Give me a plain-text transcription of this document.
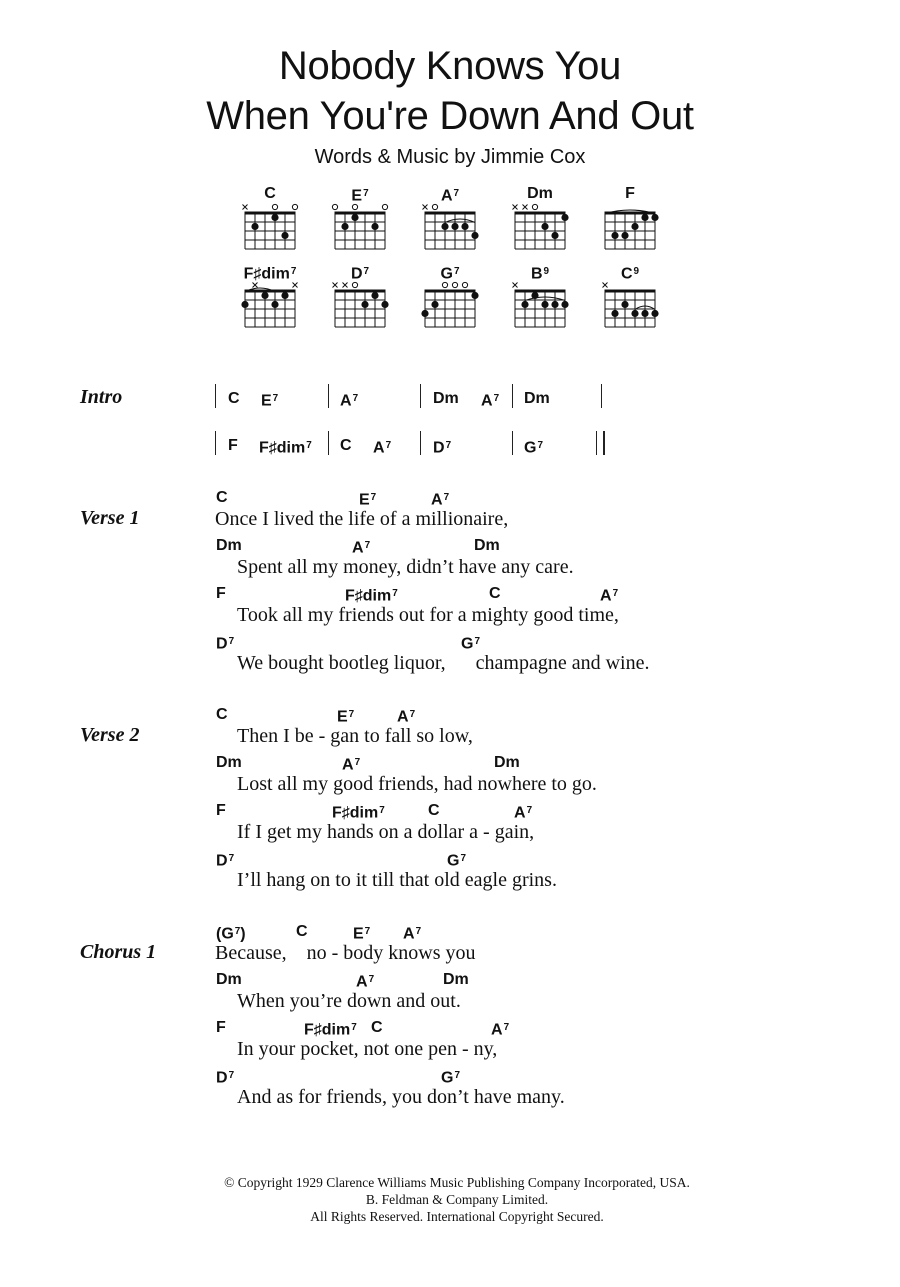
Nobody Knows You
When You're Down And Out
Words & Music by Jimmie Cox
C	$E^7$	$A^7$	Dm	F
F♯dim$^7$	$D^7$	$G^7$	$B^9$	$C^9$
Intro	C $E^7$	$A^7$	Dm $A^7$ Dm
F F♯dim$^7$ C $A^7$	$D^7$	$G^7$
Verse 1
Verse 2
Chorus 1
Once I lived the life of a millionaire,
C	$E^7$	$A^7$
Spent all my money, didn’t have any care.
Dm	$A^7$	Dm
Took all my friends out for a mighty good time,
F	F♯dim$^7$	C	$A^7$
We bought bootleg liquor,      champagne and wine.
$D^7$	$G^7$
Then I be - gan to fall so low,
C	$E^7$	$A^7$
Lost all my good friends, had nowhere to go.
Dm	$A^7$	Dm
If I get my hands on a dollar a - gain,
F	F♯dim$^7$	C	$A^7$
I’ll hang on to it till that old eagle grins.
$D^7$	$G^7$
Because,    no - body knows you
$(G^7)$	C	$E^7$ $A^7$
When you’re down and out.
Dm	$A^7$	Dm
In your pocket, not one pen - ny,
F	F♯dim$^7$ C	$A^7$
And as for friends, you don’t have many.
$D^7$	$G^7$
© Copyright 1929 Clarence Williams Music Publishing Company Incorporated, USA.
B. Feldman & Company Limited.
All Rights Reserved. International Copyright Secured.
